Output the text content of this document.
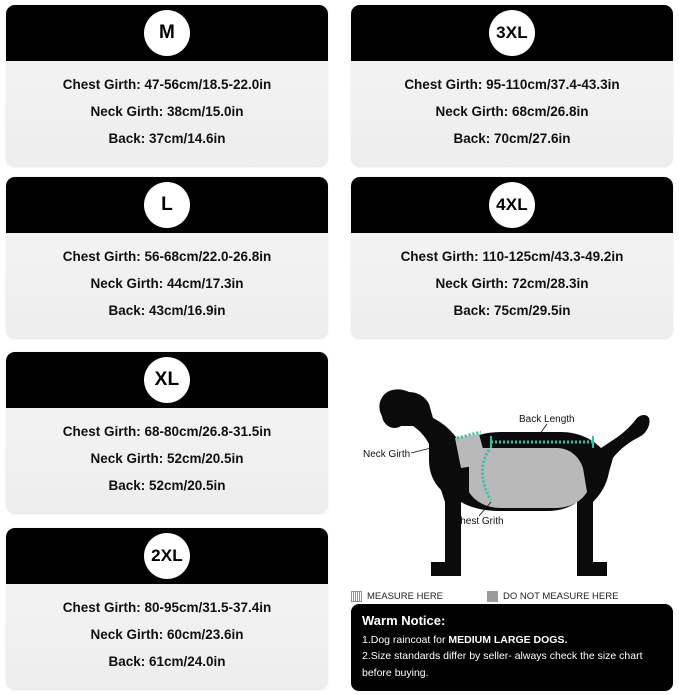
M
Chest Girth: 47-56cm/18.5-22.0in
Neck Girth: 38cm/15.0in
Back: 37cm/14.6in
L
Chest Girth: 56-68cm/22.0-26.8in
Neck Girth: 44cm/17.3in
Back: 43cm/16.9in
XL
Chest Girth: 68-80cm/26.8-31.5in
Neck Girth: 52cm/20.5in
Back: 52cm/20.5in
2XL
Chest Girth: 80-95cm/31.5-37.4in
Neck Girth: 60cm/23.6in
Back: 61cm/24.0in
3XL
Chest Girth: 95-110cm/37.4-43.3in
Neck Girth: 68cm/26.8in
Back: 70cm/27.6in
4XL
Chest Girth: 110-125cm/43.3-49.2in
Neck Girth: 72cm/28.3in
Back: 75cm/29.5in
Back Length
Neck Girth
Chest Grith
MEASURE HERE	DO NOT MEASURE HERE
Warm Notice:
1.Dog raincoat for MEDIUM LARGE DOGS.
2.Size standards differ by seller- always check the size chart
before buying.
